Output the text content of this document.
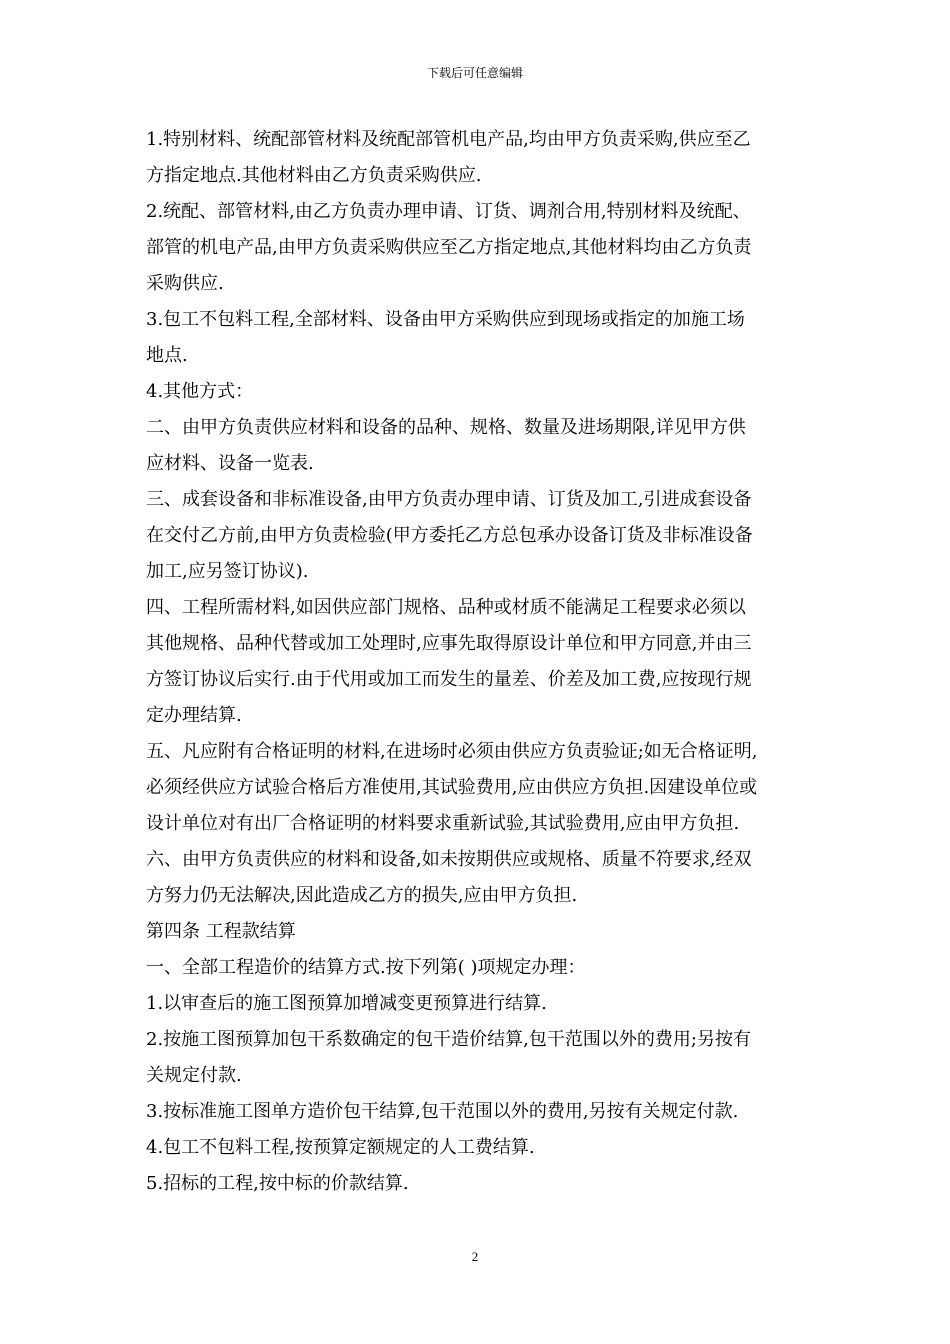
下载后可任意编辑
1.特别材料、统配部管材料及统配部管机电产品,均由甲方负责采购,供应至乙
方指定地点.其他材料由乙方负责采购供应.
2.统配、部管材料,由乙方负责办理申请、订货、调剂合用,特别材料及统配、
部管的机电产品,由甲方负责采购供应至乙方指定地点,其他材料均由乙方负责
采购供应.
3.包工不包料工程,全部材料、设备由甲方采购供应到现场或指定的加施工场
地点.
4.其他方式：
二、由甲方负责供应材料和设备的品种、规格、数量及进场期限,详见甲方供
应材料、设备一览表.
三、成套设备和非标准设备,由甲方负责办理申请、订货及加工,引进成套设备
在交付乙方前,由甲方负责检验(甲方委托乙方总包承办设备订货及非标准设备
加工,应另签订协议).
四、工程所需材料,如因供应部门规格、品种或材质不能满足工程要求必须以
其他规格、品种代替或加工处理时,应事先取得原设计单位和甲方同意,并由三
方签订协议后实行.由于代用或加工而发生的量差、价差及加工费,应按现行规
定办理结算.
五、凡应附有合格证明的材料,在进场时必须由供应方负责验证;如无合格证明,
必须经供应方试验合格后方准使用,其试验费用,应由供应方负担.因建设单位或
设计单位对有出厂合格证明的材料要求重新试验,其试验费用,应由甲方负担.
六、由甲方负责供应的材料和设备,如未按期供应或规格、质量不符要求,经双
方努力仍无法解决,因此造成乙方的损失,应由甲方负担.
第四条 工程款结算
一、全部工程造价的结算方式.按下列第( )项规定办理：
1.以审查后的施工图预算加增减变更预算进行结算.
2.按施工图预算加包干系数确定的包干造价结算,包干范围以外的费用;另按有
关规定付款.
3.按标准施工图单方造价包干结算,包干范围以外的费用,另按有关规定付款.
4.包工不包料工程,按预算定额规定的人工费结算.
5.招标的工程,按中标的价款结算.
2
